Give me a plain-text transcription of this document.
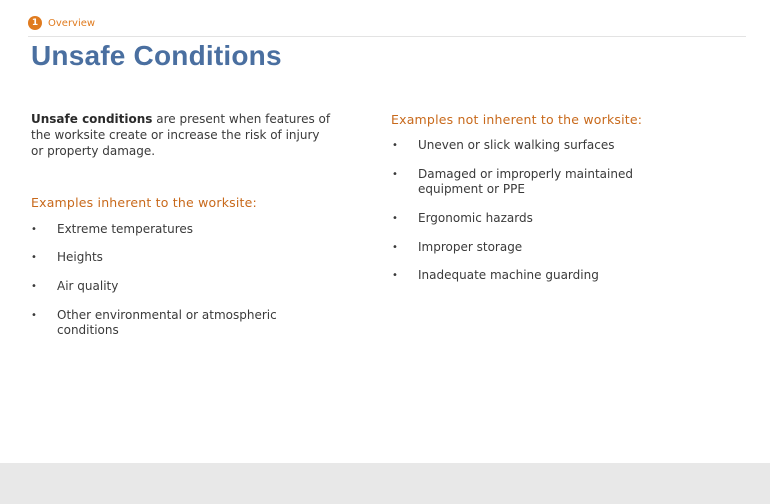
1 Overview
Unsafe Conditions

Unsafe conditions are present when features of the worksite create or increase the risk of injury or property damage.

Examples inherent to the worksite:
• Extreme temperatures
• Heights
• Air quality
• Other environmental or atmospheric conditions
Examples not inherent to the worksite:
• Uneven or slick walking surfaces
• Damaged or improperly maintained equipment or PPE
• Ergonomic hazards
• Improper storage
• Inadequate machine guarding
